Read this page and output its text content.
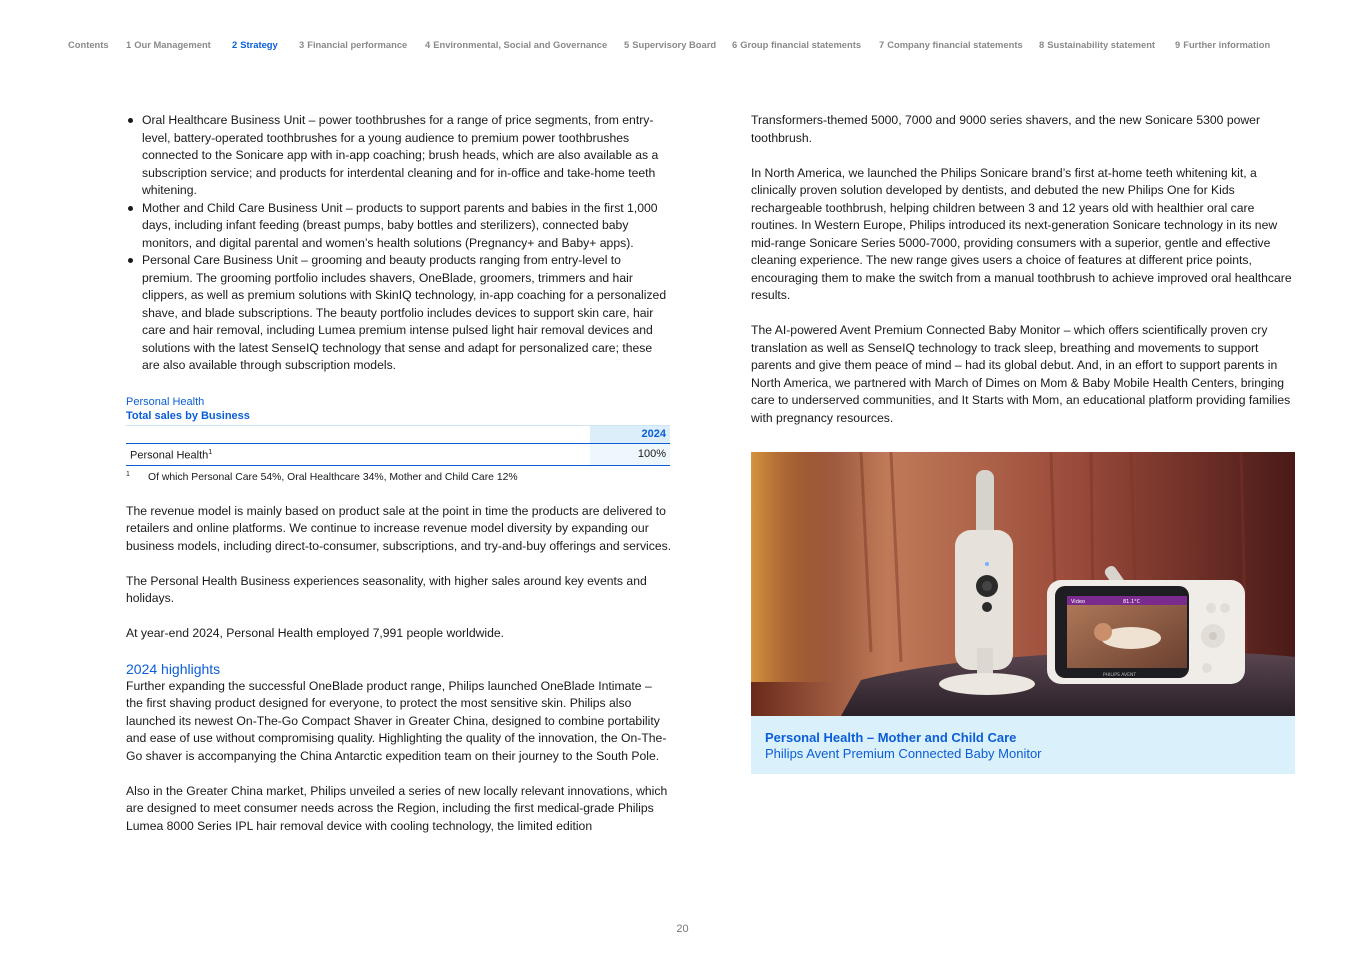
Contents 1 Our Management 2 Strategy 3 Financial performance 4 Environmental, Social and Governance 5 Supervisory Board 6 Group financial statements 7 Company financial statements 8 Sustainability statement 9 Further information
Oral Healthcare Business Unit – power toothbrushes for a range of price segments, from entry-level, battery-operated toothbrushes for a young audience to premium power toothbrushes connected to the Sonicare app with in-app coaching; brush heads, which are also available as a subscription service; and products for interdental cleaning and for in-office and take-home teeth whitening.
Mother and Child Care Business Unit – products to support parents and babies in the first 1,000 days, including infant feeding (breast pumps, baby bottles and sterilizers), connected baby monitors, and digital parental and women’s health solutions (Pregnancy+ and Baby+ apps).
Personal Care Business Unit – grooming and beauty products ranging from entry-level to premium. The grooming portfolio includes shavers, OneBlade, groomers, trimmers and hair clippers, as well as premium solutions with SkinIQ technology, in-app coaching for a personalized shave, and blade subscriptions. The beauty portfolio includes devices to support skin care, hair care and hair removal, including Lumea premium intense pulsed light hair removal devices and solutions with the latest SenseIQ technology that sense and adapt for personalized care; these are also available through subscription models.
Personal Health
Total sales by Business
	2024
Personal Health$^1$	100%
1 Of which Personal Care 54%, Oral Healthcare 34%, Mother and Child Care 12%

The revenue model is mainly based on product sale at the point in time the products are delivered to retailers and online platforms. We continue to increase revenue model diversity by expanding our business models, including direct-to-consumer, subscriptions, and try-and-buy offerings and services.

The Personal Health Business experiences seasonality, with higher sales around key events and holidays.

At year-end 2024, Personal Health employed 7,991 people worldwide.

2024 highlights

Further expanding the successful OneBlade product range, Philips launched OneBlade Intimate – the first shaving product designed for everyone, to protect the most sensitive skin. Philips also launched its newest On-The-Go Compact Shaver in Greater China, designed to combine portability and ease of use without compromising quality. Highlighting the quality of the innovation, the On-The-Go shaver is accompanying the China Antarctic expedition team on their journey to the South Pole.

Also in the Greater China market, Philips unveiled a series of new locally relevant innovations, which are designed to meet consumer needs across the Region, including the first medical-grade Philips Lumea 8000 Series IPL hair removal device with cooling technology, the limited edition

Transformers-themed 5000, 7000 and 9000 series shavers, and the new Sonicare 5300 power toothbrush.

In North America, we launched the Philips Sonicare brand’s first at-home teeth whitening kit, a clinically proven solution developed by dentists, and debuted the new Philips One for Kids rechargeable toothbrush, helping children between 3 and 12 years old with healthier oral care routines. In Western Europe, Philips introduced its next-generation Sonicare technology in its new mid-range Sonicare Series 5000-7000, providing consumers with a superior, gentle and effective cleaning experience. The new range gives users a choice of features at different price points, encouraging them to make the switch from a manual toothbrush to achieve improved oral healthcare results.

The AI-powered Avent Premium Connected Baby Monitor – which offers scientifically proven cry translation as well as SenseIQ technology to track sleep, breathing and movements to support parents and give them peace of mind – had its global debut. And, in an effort to support parents in North America, we partnered with March of Dimes on Mom & Baby Mobile Health Centers, bringing care to underserved communities, and It Starts with Mom, an educational platform providing families with pregnancy resources.

Video	81.1°C
PHILIPS AVENT
Personal Health – Mother and Child Care
Philips Avent Premium Connected Baby Monitor
20
